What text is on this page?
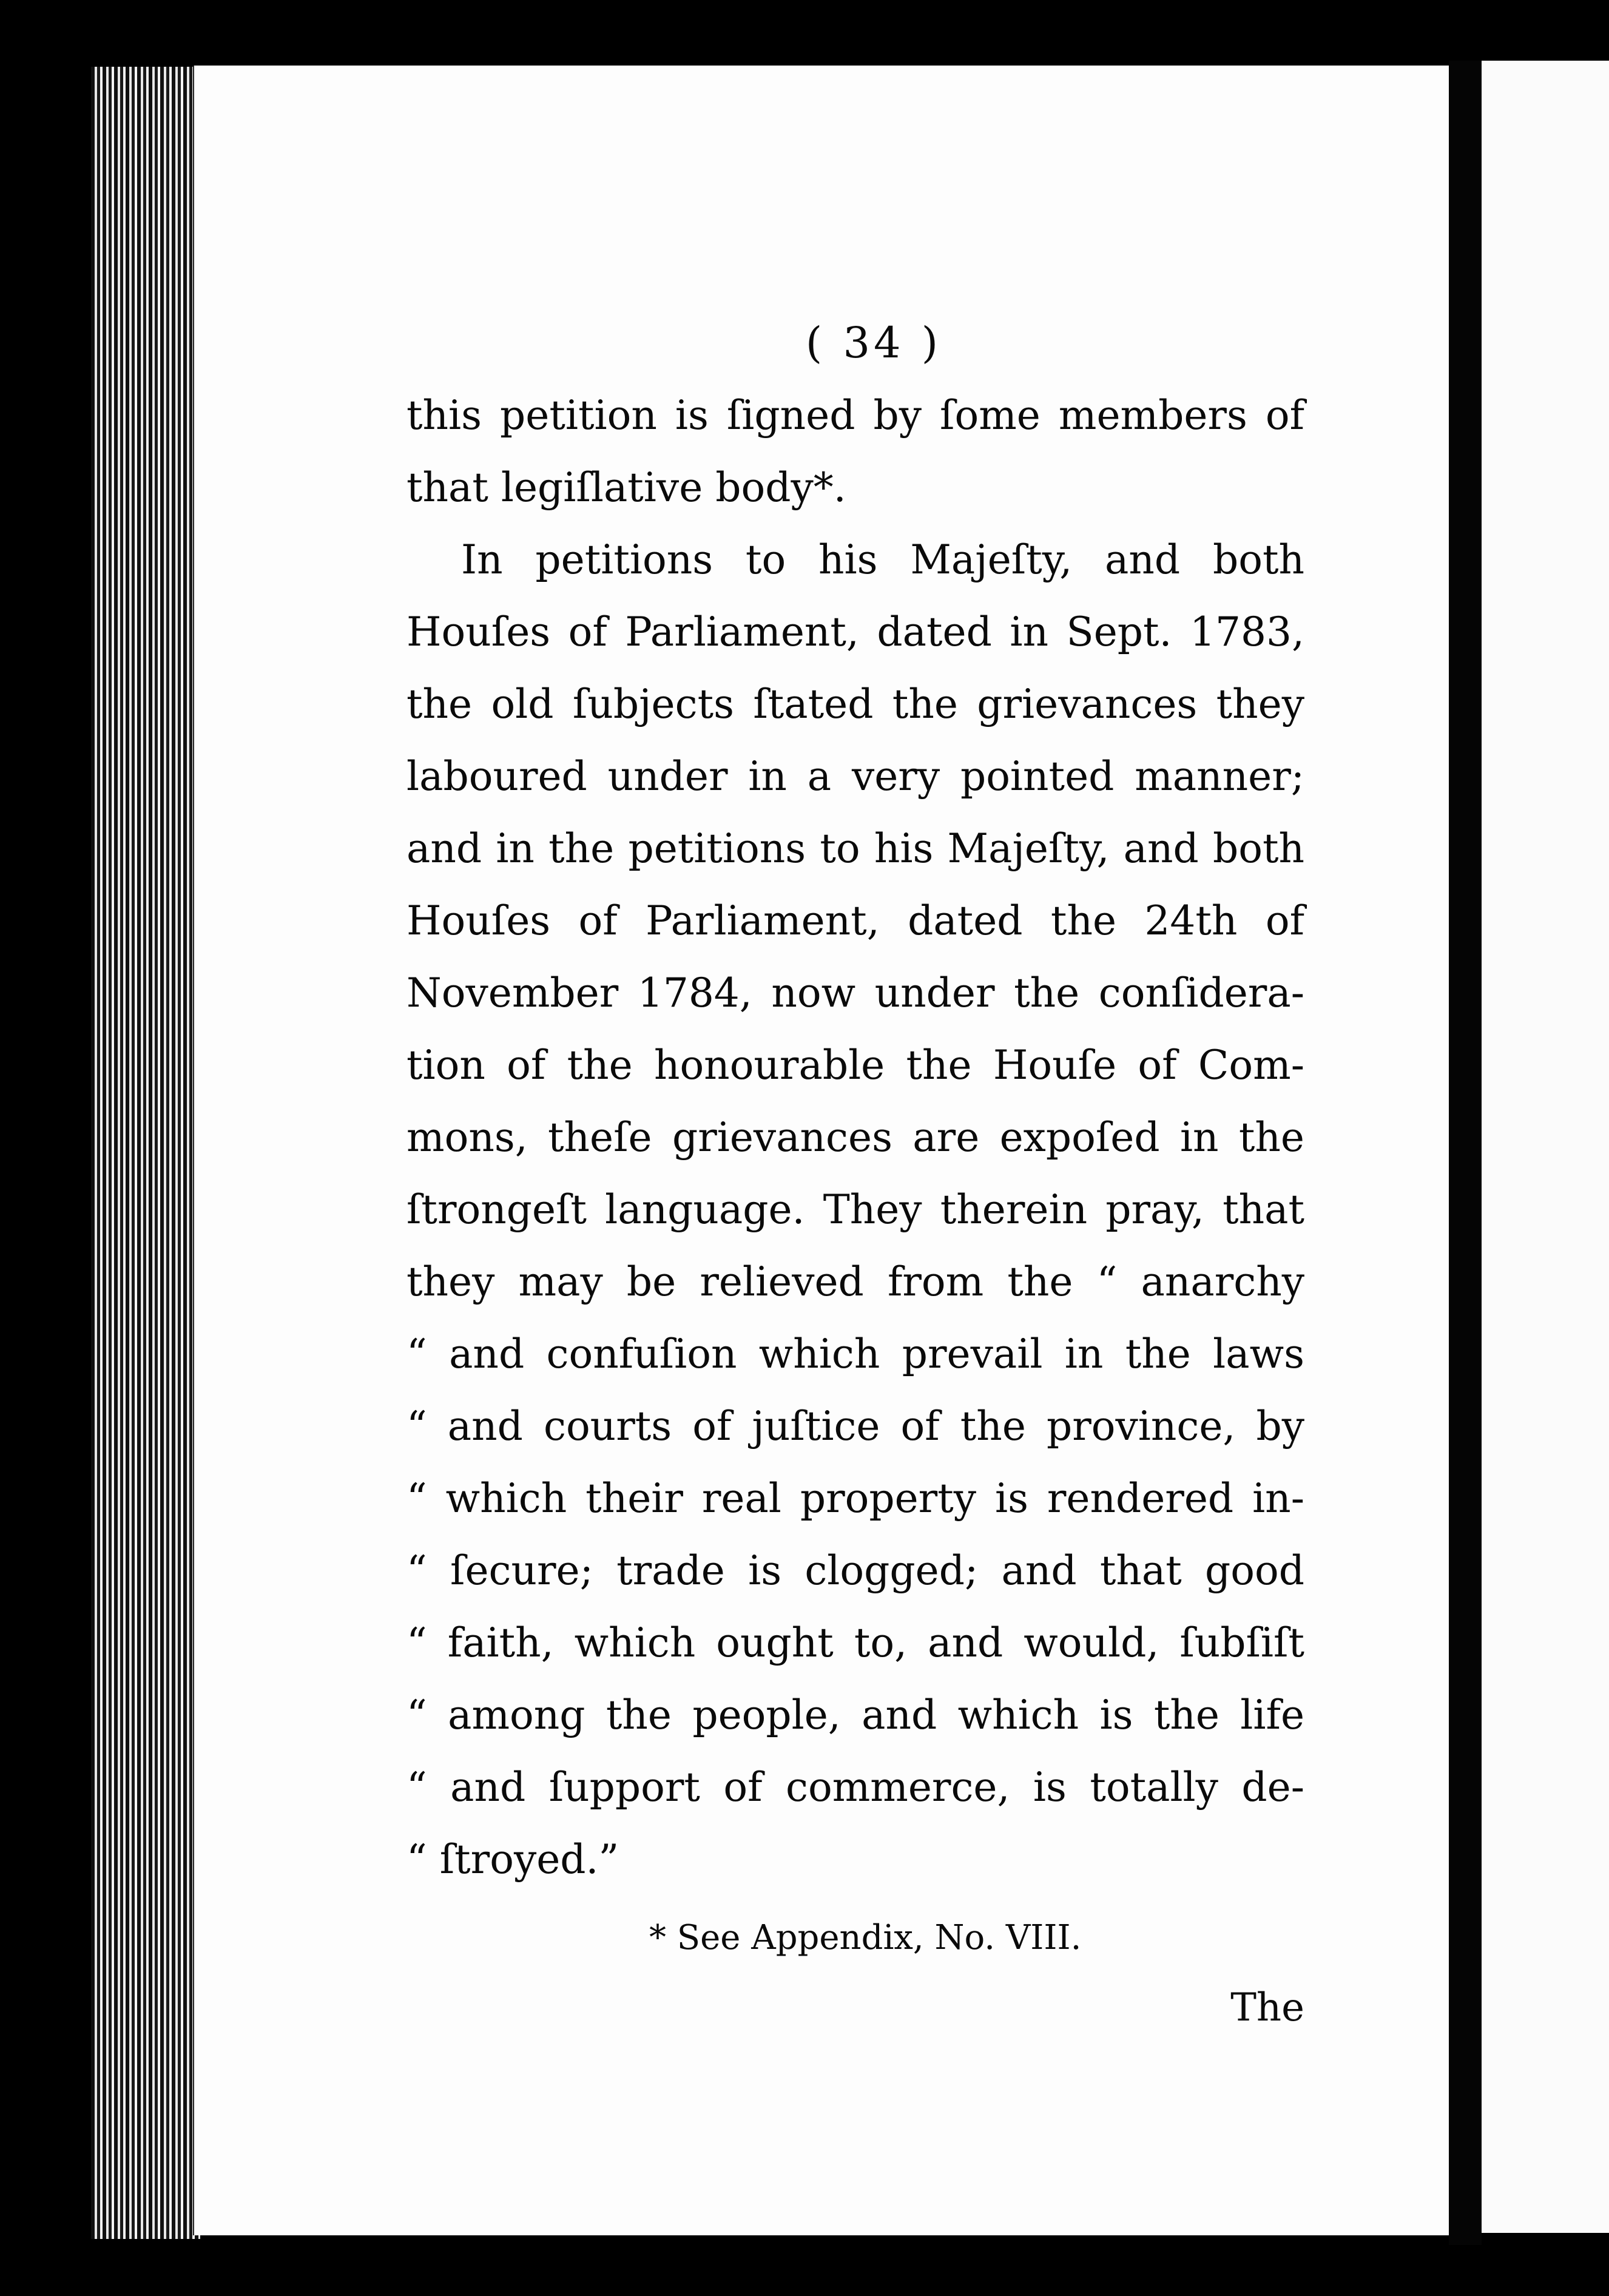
( 34 )
this petition is ſigned by ſome members of
that legiſlative body*.
In petitions to his Majeſty, and both
Houſes of Parliament, dated in Sept. 1783,
the old ſubjects ſtated the grievances they
laboured under in a very pointed manner;
and in the petitions to his Majeſty, and both
Houſes of Parliament, dated the 24th of
November 1784, now under the conſidera-
tion of the honourable the Houſe of Com-
mons, theſe grievances are expoſed in the
ſtrongeſt language. They therein pray, that
they may be relieved from the “ anarchy
“ and confuſion which prevail in the laws
“ and courts of juſtice of the province, by
“ which their real property is rendered in-
“ ſecure; trade is clogged; and that good
“ faith, which ought to, and would, ſubſiſt
“ among the people, and which is the life
“ and ſupport of commerce, is totally de-
“ ſtroyed.”
* See Appendix, No. VIII.
The
